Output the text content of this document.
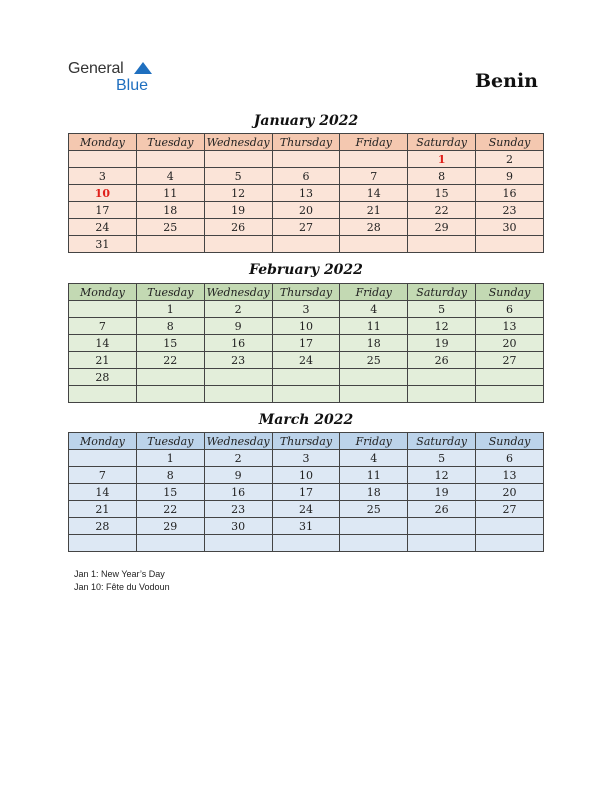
General
Blue	Benin
January 2022
Monday	Tuesday	Wednesday	Thursday	Friday	Saturday	Sunday
					1	2
3	4	5	6	7	8	9
10	11	12	13	14	15	16
17	18	19	20	21	22	23
24	25	26	27	28	29	30
31						
February 2022
Monday	Tuesday	Wednesday	Thursday	Friday	Saturday	Sunday
	1	2	3	4	5	6
7	8	9	10	11	12	13
14	15	16	17	18	19	20
21	22	23	24	25	26	27
28						

March 2022
Monday	Tuesday	Wednesday	Thursday	Friday	Saturday	Sunday
	1	2	3	4	5	6
7	8	9	10	11	12	13
14	15	16	17	18	19	20
21	22	23	24	25	26	27
28	29	30	31			

Jan 1: New Year’s Day
Jan 10: Fête du Vodoun
